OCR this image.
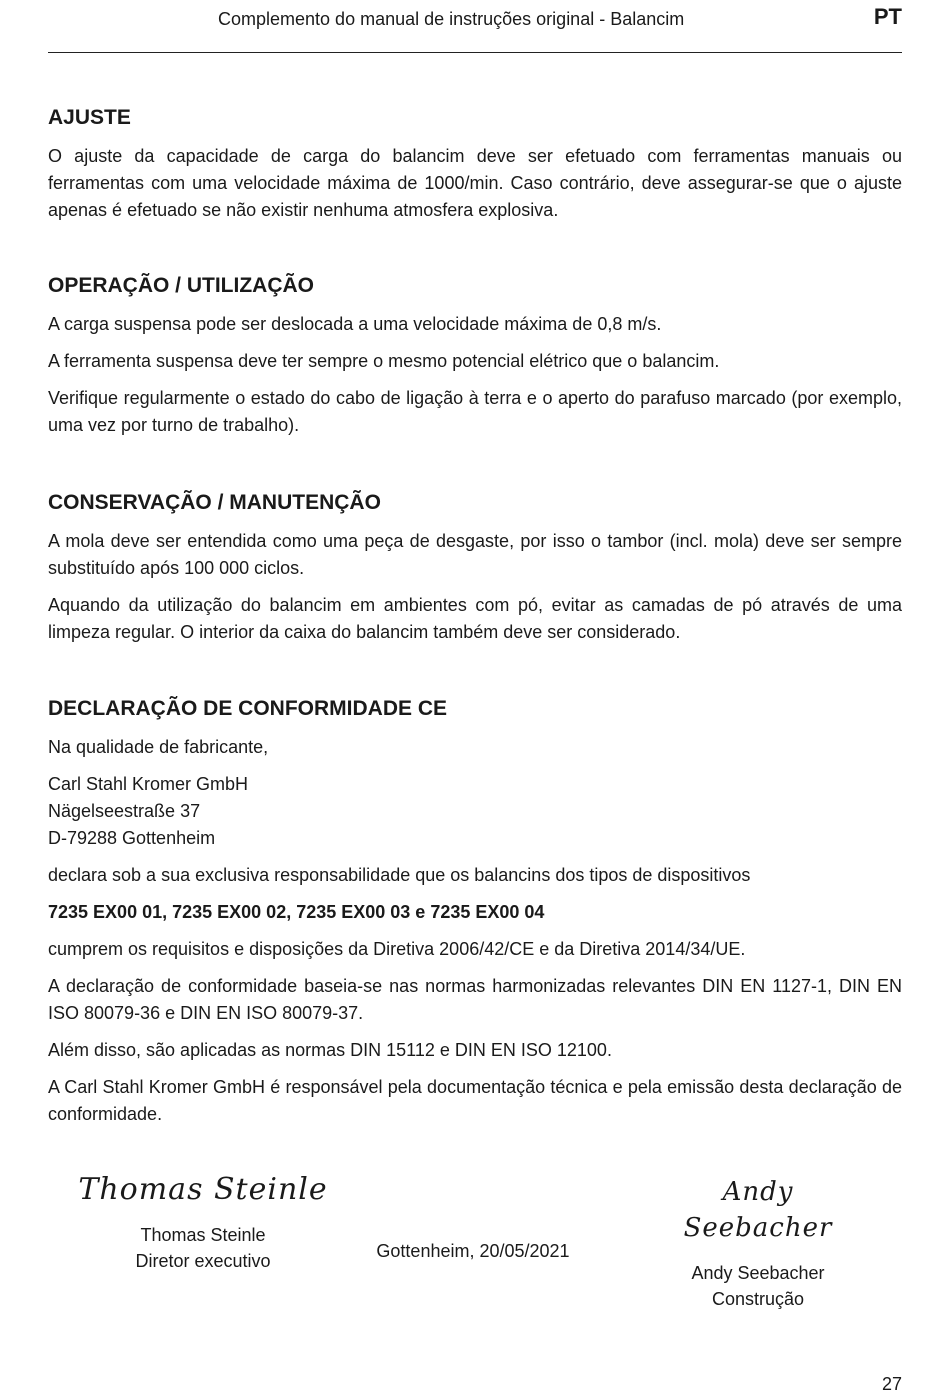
Complemento do manual de instruções original - Balancim	PT
AJUSTE

O ajuste da capacidade de carga do balancim deve ser efetuado com ferramentas manuais ou ferramentas com uma velocidade máxima de 1000/min. Caso contrário, deve assegurar-se que o ajuste apenas é efetuado se não existir nenhuma atmosfera explosiva.

OPERAÇÃO / UTILIZAÇÃO

A carga suspensa pode ser deslocada a uma velocidade máxima de 0,8 m/s.

A ferramenta suspensa deve ter sempre o mesmo potencial elétrico que o balancim.

Verifique regularmente o estado do cabo de ligação à terra e o aperto do parafuso marcado (por exemplo, uma vez por turno de trabalho).

CONSERVAÇÃO / MANUTENÇÃO

A mola deve ser entendida como uma peça de desgaste, por isso o tambor (incl. mola) deve ser sempre substituído após 100 000 ciclos.

Aquando da utilização do balancim em ambientes com pó, evitar as camadas de pó através de uma limpeza regular. O interior da caixa do balancim também deve ser considerado.

DECLARAÇÃO DE CONFORMIDADE CE

Na qualidade de fabricante,

Carl Stahl Kromer GmbH

Nägelseestraße 37

D-79288 Gottenheim

declara sob a sua exclusiva responsabilidade que os balancins dos tipos de dispositivos

7235 EX00 01, 7235 EX00 02, 7235 EX00 03 e 7235 EX00 04

cumprem os requisitos e disposições da Diretiva 2006/42/CE e da Diretiva 2014/34/UE.

A declaração de conformidade baseia-se nas normas harmonizadas relevantes DIN EN 1127-1, DIN EN ISO 80079-36 e DIN EN ISO 80079-37.

Além disso, são aplicadas as normas DIN 15112 e DIN EN ISO 12100.

A Carl Stahl Kromer GmbH é responsável pela documentação técnica e pela emissão desta declaração de conformidade.

Thomas Steinle
Thomas Steinle
Diretor executivo	Gottenheim, 20/05/2021
Andy Seebacher
Andy Seebacher
Construção
27
